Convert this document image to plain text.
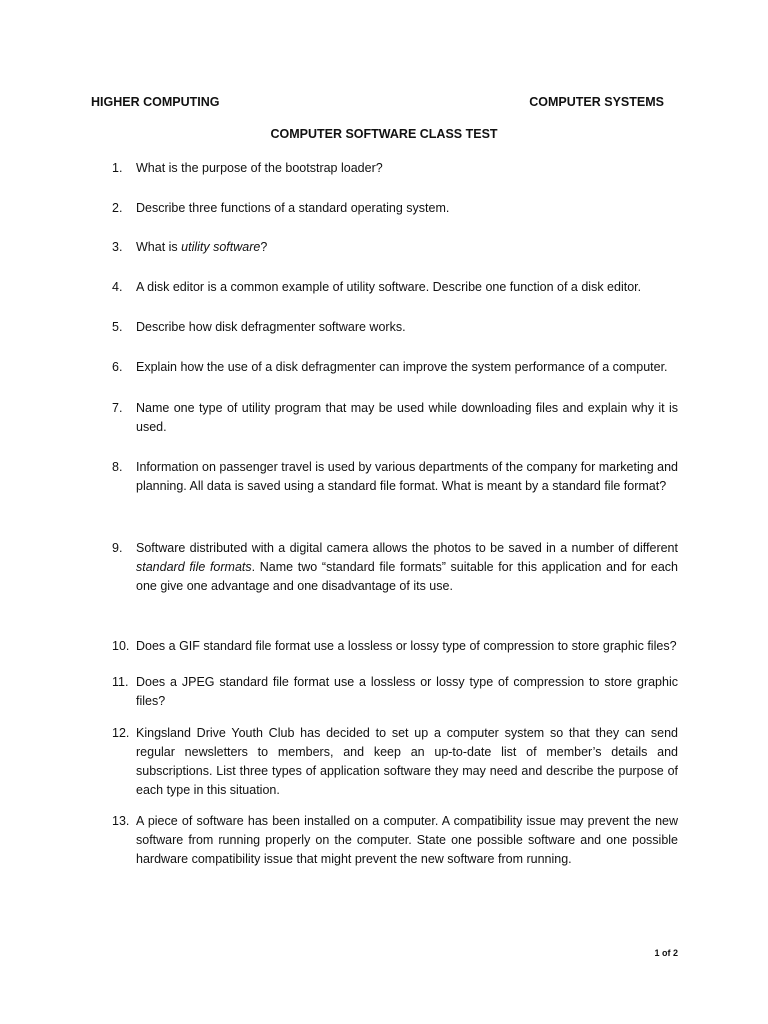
HIGHER COMPUTING	COMPUTER SYSTEMS
COMPUTER SOFTWARE CLASS TEST
1.	What is the purpose of the bootstrap loader?
2.	Describe three functions of a standard operating system.
3.	What is utility software?
4.	A disk editor is a common example of utility software. Describe one function of a disk editor.
5.	Describe how disk defragmenter software works.
6.	Explain how the use of a disk defragmenter can improve the system performance of a computer.
7.	Name one type of utility program that may be used while downloading files and explain why it is used.
8.	Information on passenger travel is used by various departments of the company for marketing and planning. All data is saved using a standard file format. What is meant by a standard file format?
9.	Software distributed with a digital camera allows the photos to be saved in a number of different standard file formats. Name two “standard file formats” suitable for this application and for each one give one advantage and one disadvantage of its use.
10. Does a GIF standard file format use a lossless or lossy type of compression to store graphic files?
11. Does a JPEG standard file format use a lossless or lossy type of compression to store graphic files?
12. Kingsland Drive Youth Club has decided to set up a computer system so that they can send regular newsletters to members, and keep an up-to-date list of member’s details and subscriptions. List three types of application software they may need and describe the purpose of each type in this situation.
13. A piece of software has been installed on a computer. A compatibility issue may prevent the new software from running properly on the computer. State one possible software and one possible hardware compatibility issue that might prevent the new software from running.
1 of 2
